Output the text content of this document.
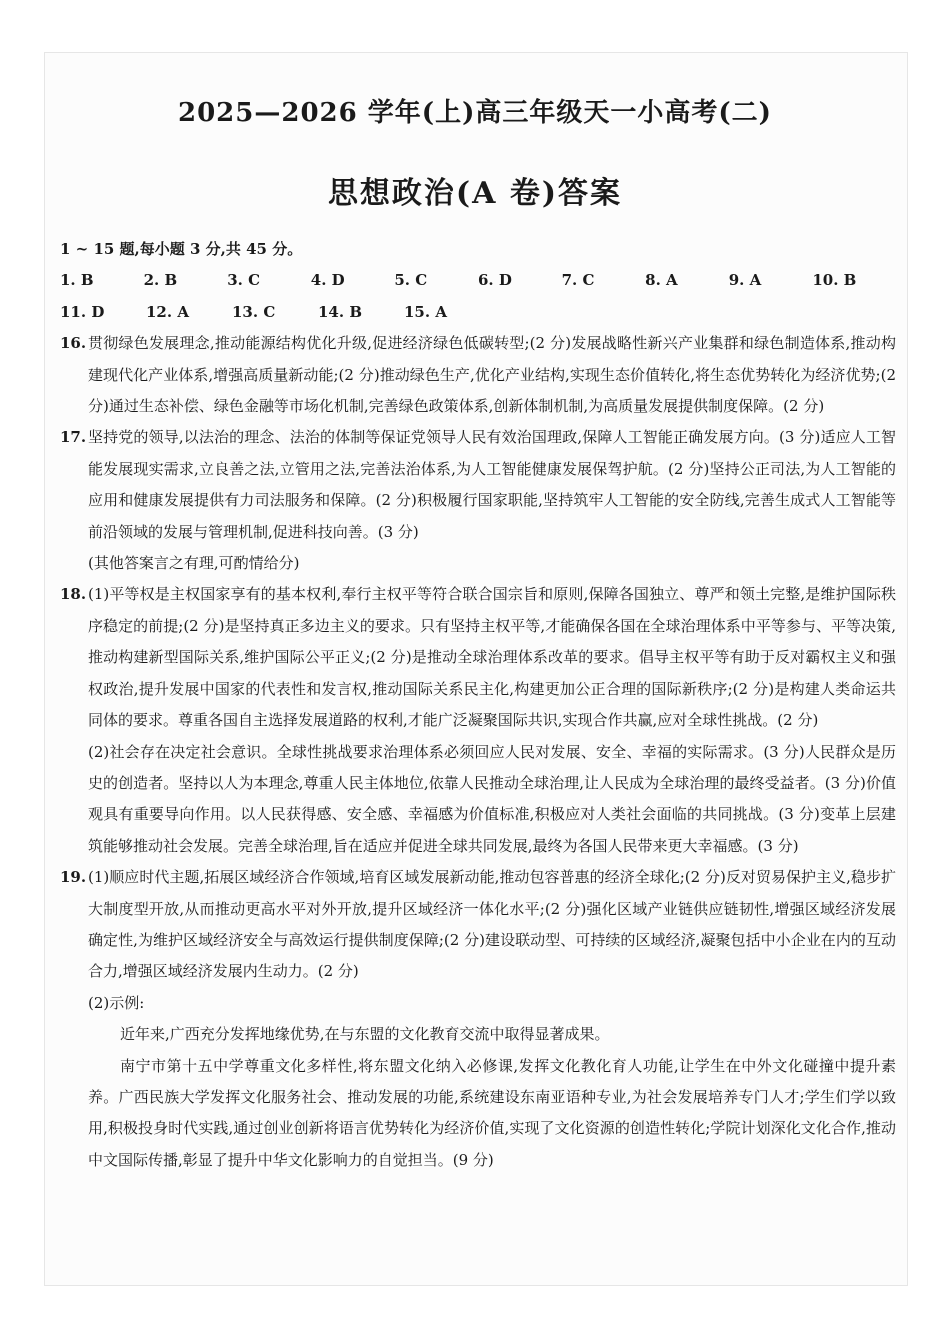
2025—2026 学年(上)高三年级天一小高考(二)
思想政治(A 卷)答案

1 ~ 15 题,每小题 3 分,共 45 分。

1. B	2. B	3. C	4. D	5. C	6. D	7. C	8. A	9. A	10. B
11. D	12. A	13. C	14. B	15. A
16. 贯彻绿色发展理念,推动能源结构优化升级,促进经济绿色低碳转型;(2 分)发展战略性新兴产业集群和绿色制造体系,推动构建现代化产业体系,增强高质量新动能;(2 分)推动绿色生产,优化产业结构,实现生态价值转化,将生态优势转化为经济优势;(2 分)通过生态补偿、绿色金融等市场化机制,完善绿色政策体系,创新体制机制,为高质量发展提供制度保障。(2 分)

17. 坚持党的领导,以法治的理念、法治的体制等保证党领导人民有效治国理政,保障人工智能正确发展方向。(3 分)适应人工智能发展现实需求,立良善之法,立管用之法,完善法治体系,为人工智能健康发展保驾护航。(2 分)坚持公正司法,为人工智能的应用和健康发展提供有力司法服务和保障。(2 分)积极履行国家职能,坚持筑牢人工智能的安全防线,完善生成式人工智能等前沿领域的发展与管理机制,促进科技向善。(3 分)

(其他答案言之有理,可酌情给分)

18. (1)平等权是主权国家享有的基本权利,奉行主权平等符合联合国宗旨和原则,保障各国独立、尊严和领土完整,是维护国际秩序稳定的前提;(2 分)是坚持真正多边主义的要求。只有坚持主权平等,才能确保各国在全球治理体系中平等参与、平等决策,推动构建新型国际关系,维护国际公平正义;(2 分)是推动全球治理体系改革的要求。倡导主权平等有助于反对霸权主义和强权政治,提升发展中国家的代表性和发言权,推动国际关系民主化,构建更加公正合理的国际新秩序;(2 分)是构建人类命运共同体的要求。尊重各国自主选择发展道路的权利,才能广泛凝聚国际共识,实现合作共赢,应对全球性挑战。(2 分)

(2)社会存在决定社会意识。全球性挑战要求治理体系必须回应人民对发展、安全、幸福的实际需求。(3 分)人民群众是历史的创造者。坚持以人为本理念,尊重人民主体地位,依靠人民推动全球治理,让人民成为全球治理的最终受益者。(3 分)价值观具有重要导向作用。以人民获得感、安全感、幸福感为价值标准,积极应对人类社会面临的共同挑战。(3 分)变革上层建筑能够推动社会发展。完善全球治理,旨在适应并促进全球共同发展,最终为各国人民带来更大幸福感。(3 分)

19. (1)顺应时代主题,拓展区域经济合作领域,培育区域发展新动能,推动包容普惠的经济全球化;(2 分)反对贸易保护主义,稳步扩大制度型开放,从而推动更高水平对外开放,提升区域经济一体化水平;(2 分)强化区域产业链供应链韧性,增强区域经济发展确定性,为维护区域经济安全与高效运行提供制度保障;(2 分)建设联动型、可持续的区域经济,凝聚包括中小企业在内的互动合力,增强区域经济发展内生动力。(2 分)

(2)示例:

近年来,广西充分发挥地缘优势,在与东盟的文化教育交流中取得显著成果。

南宁市第十五中学尊重文化多样性,将东盟文化纳入必修课,发挥文化教化育人功能,让学生在中外文化碰撞中提升素养。广西民族大学发挥文化服务社会、推动发展的功能,系统建设东南亚语种专业,为社会发展培养专门人才;学生们学以致用,积极投身时代实践,通过创业创新将语言优势转化为经济价值,实现了文化资源的创造性转化;学院计划深化文化合作,推动中文国际传播,彰显了提升中华文化影响力的自觉担当。(9 分)
